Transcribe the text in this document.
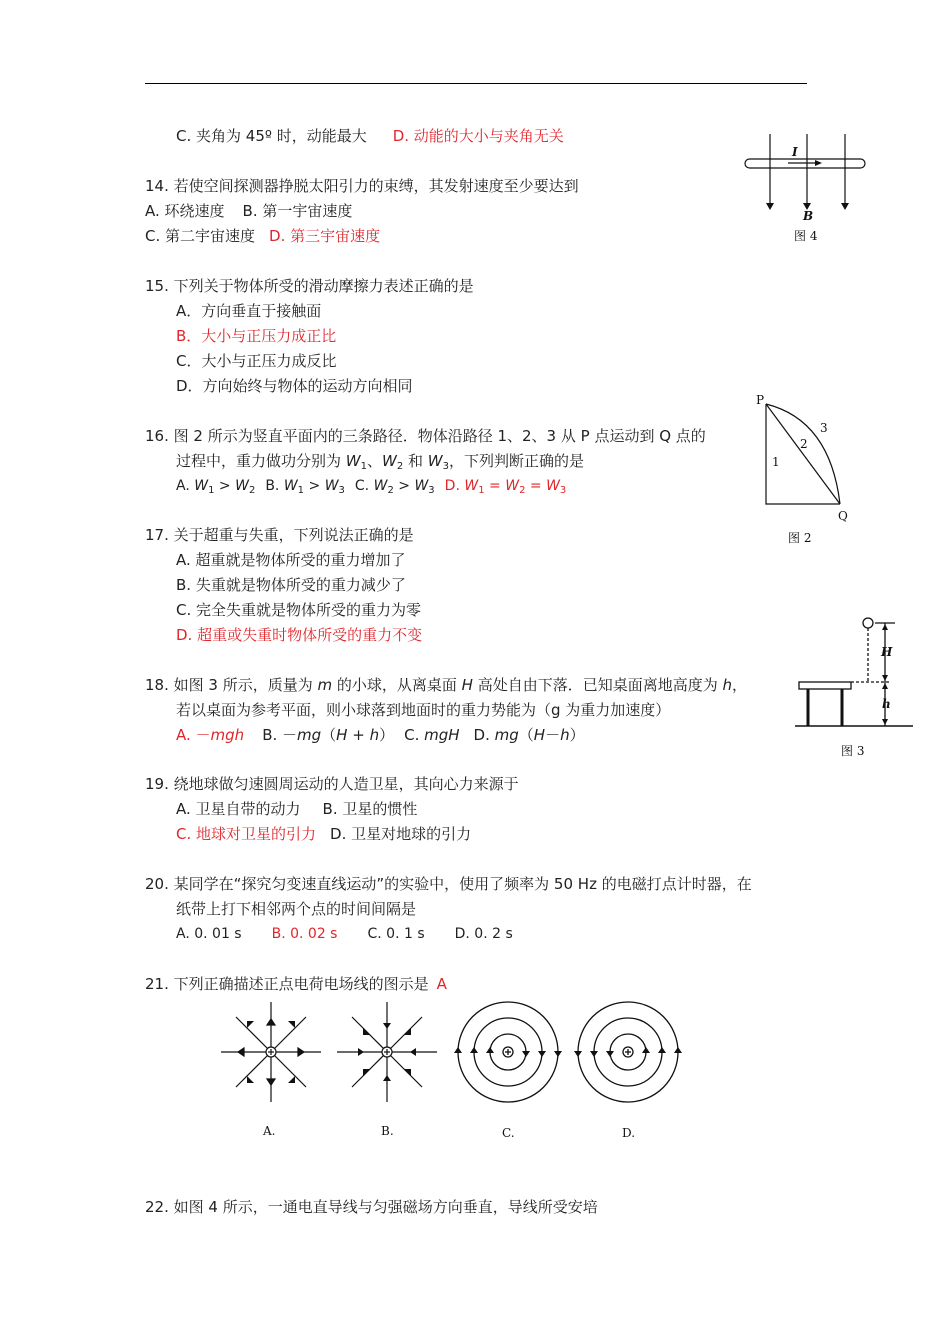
C. 夹角为 45º 时，动能最大 D. 动能的大小与夹角无关
14. 若使空间探测器挣脱太阳引力的束缚，其发射速度至少要达到
A. 环绕速度 B. 第一宇宙速度
C. 第二宇宙速度 D. 第三宇宙速度
15. 下列关于物体所受的滑动摩擦力表述正确的是
A．方向垂直于接触面
B．大小与正压力成正比
C．大小与正压力成反比
D．方向始终与物体的运动方向相同
16. 图 2 所示为竖直平面内的三条路径．物体沿路径 1、2、3 从 P 点运动到 Q 点的
过程中，重力做功分别为 $W_1$、$W_2$ 和 $W_3$，下列判断正确的是
A. $W_1 > W_2$ B. $W_1 > W_3$ C. $W_2 > W_3$ D. $W_1 = W_2 = W_3$
17. 关于超重与失重，下列说法正确的是
A. 超重就是物体所受的重力增加了
B. 失重就是物体所受的重力减少了
C. 完全失重就是物体所受的重力为零
D. 超重或失重时物体所受的重力不变
18. 如图 3 所示，质量为 m 的小球，从离桌面 H 高处自由下落．已知桌面离地高度为 h，
若以桌面为参考平面，则小球落到地面时的重力势能为（g 为重力加速度）
A. －mgh B. －mg（H + h） C. mgH D. mg（H－h）
19. 绕地球做匀速圆周运动的人造卫星，其向心力来源于
A. 卫星自带的动力 B. 卫星的惯性
C. 地球对卫星的引力 D. 卫星对地球的引力
20. 某同学在“探究匀变速直线运动”的实验中，使用了频率为 50 Hz 的电磁打点计时器，在
纸带上打下相邻两个点的时间间隔是
A. 0. 01 s B. 0. 02 s C. 0. 1 s D. 0. 2 s
21. 下列正确描述正点电荷电场线的图示是 A
A.	B.	C.	D.
22. 如图 4 所示，一通电直导线与匀强磁场方向垂直，导线所受安培
I
B
图 4
P
Q
1
2
3
图 2
H
h
图 3
